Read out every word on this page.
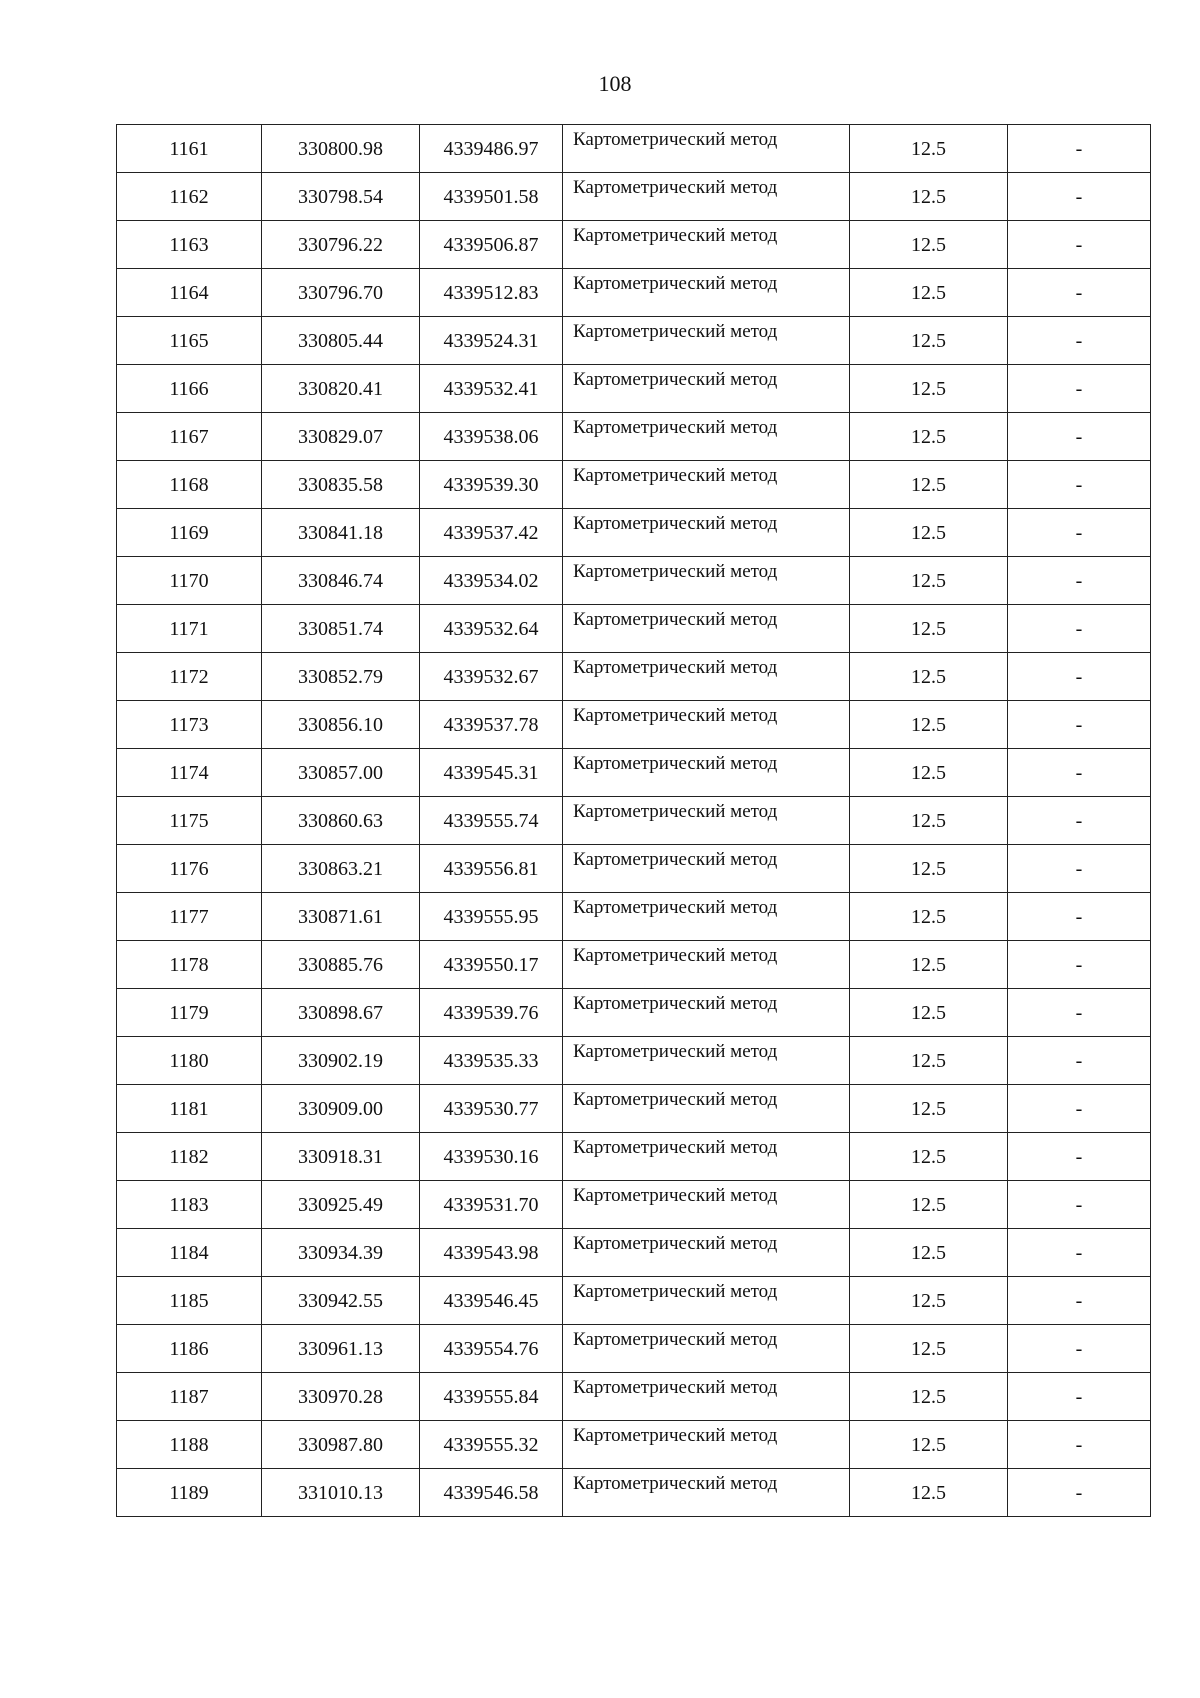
108
1161	330800.98	4339486.97	Картометрический метод	12.5	-
1162	330798.54	4339501.58	Картометрический метод	12.5	-
1163	330796.22	4339506.87	Картометрический метод	12.5	-
1164	330796.70	4339512.83	Картометрический метод	12.5	-
1165	330805.44	4339524.31	Картометрический метод	12.5	-
1166	330820.41	4339532.41	Картометрический метод	12.5	-
1167	330829.07	4339538.06	Картометрический метод	12.5	-
1168	330835.58	4339539.30	Картометрический метод	12.5	-
1169	330841.18	4339537.42	Картометрический метод	12.5	-
1170	330846.74	4339534.02	Картометрический метод	12.5	-
1171	330851.74	4339532.64	Картометрический метод	12.5	-
1172	330852.79	4339532.67	Картометрический метод	12.5	-
1173	330856.10	4339537.78	Картометрический метод	12.5	-
1174	330857.00	4339545.31	Картометрический метод	12.5	-
1175	330860.63	4339555.74	Картометрический метод	12.5	-
1176	330863.21	4339556.81	Картометрический метод	12.5	-
1177	330871.61	4339555.95	Картометрический метод	12.5	-
1178	330885.76	4339550.17	Картометрический метод	12.5	-
1179	330898.67	4339539.76	Картометрический метод	12.5	-
1180	330902.19	4339535.33	Картометрический метод	12.5	-
1181	330909.00	4339530.77	Картометрический метод	12.5	-
1182	330918.31	4339530.16	Картометрический метод	12.5	-
1183	330925.49	4339531.70	Картометрический метод	12.5	-
1184	330934.39	4339543.98	Картометрический метод	12.5	-
1185	330942.55	4339546.45	Картометрический метод	12.5	-
1186	330961.13	4339554.76	Картометрический метод	12.5	-
1187	330970.28	4339555.84	Картометрический метод	12.5	-
1188	330987.80	4339555.32	Картометрический метод	12.5	-
1189	331010.13	4339546.58	Картометрический метод	12.5	-
